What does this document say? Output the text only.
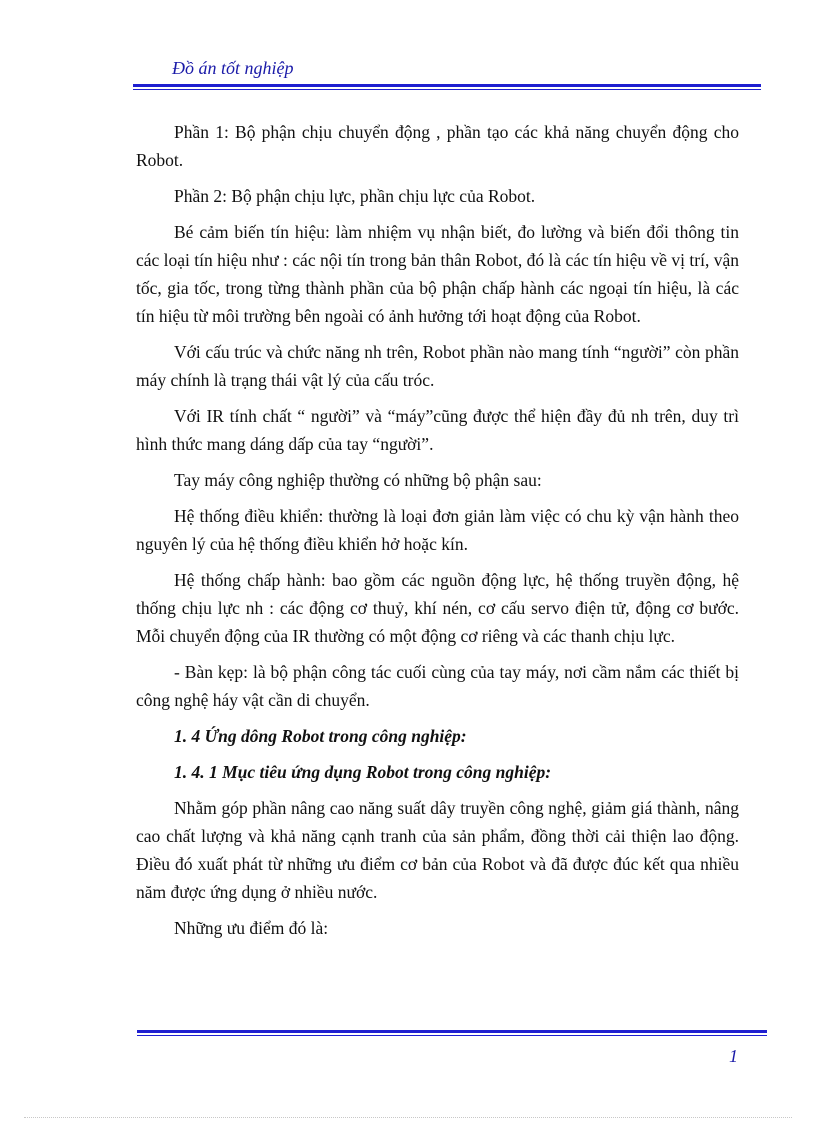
Đồ án tốt nghiệp

Phần 1: Bộ phận chịu chuyển động , phần tạo các khả năng chuyển động cho Robot.

Phần 2: Bộ phận chịu lực, phần chịu lực của Robot.

Bé cảm biến tín hiệu: làm nhiệm vụ nhận biết, đo lường và biến đổi thông tin các loại tín hiệu như : các nội tín trong bản thân Robot, đó là các tín hiệu về vị trí, vận tốc, gia tốc, trong từng thành phần của bộ phận chấp hành các ngoại tín hiệu, là các tín hiệu từ môi trường bên ngoài có ảnh hưởng tới hoạt động của Robot.

Với cấu trúc và chức năng nh trên, Robot phần nào mang tính “người” còn phần máy chính là trạng thái vật lý của cấu tróc.

Với IR tính chất “ người” và “máy”cũng được thể hiện đầy đủ nh trên, duy trì hình thức mang dáng dấp của tay “người”.

Tay máy công nghiệp thường có những bộ phận sau:

Hệ thống điều khiển: thường là loại đơn giản làm việc có chu kỳ vận hành theo nguyên lý của hệ thống điều khiển hở hoặc kín.

Hệ thống chấp hành: bao gồm các nguồn động lực, hệ thống truyền động, hệ thống chịu lực nh : các động cơ thuỷ, khí nén, cơ cấu servo điện tử, động cơ bước. Mỗi chuyển động của IR thường có một động cơ riêng và các thanh chịu lực.

- Bàn kẹp: là bộ phận công tác cuối cùng của tay máy, nơi cầm nắm các thiết bị công nghệ háy vật cần di chuyển.

1. 4 Ứng dông Robot trong công nghiệp:
1. 4. 1 Mục tiêu ứng dụng Robot trong công nghiệp:

Nhằm góp phần nâng cao năng suất dây truyền công nghệ, giảm giá thành, nâng cao chất lượng và khả năng cạnh tranh của sản phẩm, đồng thời cải thiện lao động. Điều đó xuất phát từ những ưu điểm cơ bản của Robot và đã được đúc kết qua nhiều năm được ứng dụng ở nhiều nước.

Những ưu điểm đó là:

1
